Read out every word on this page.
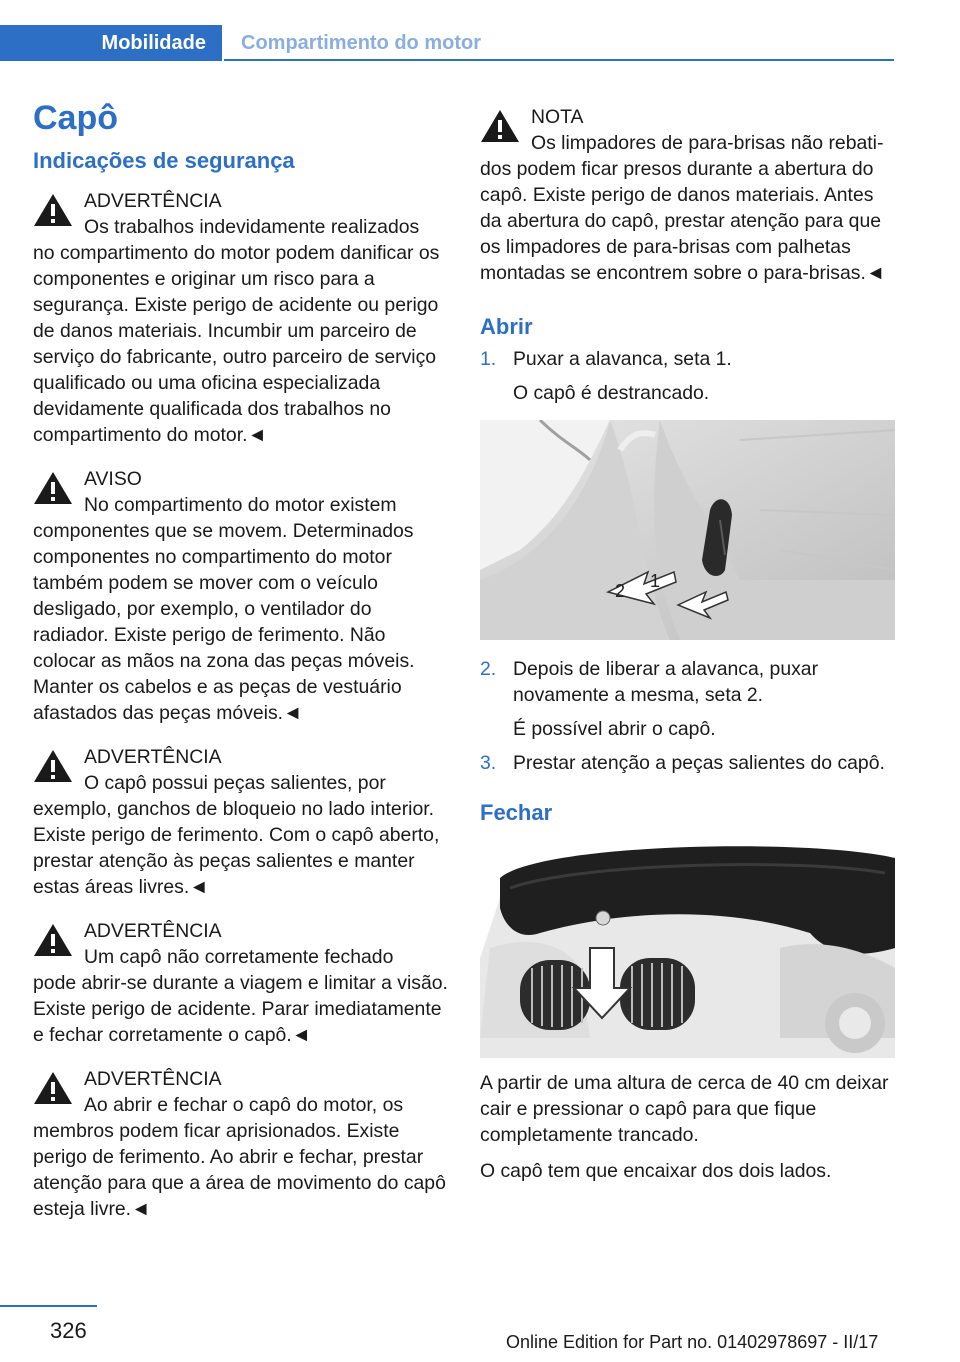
Mobilidade Compartimento do motor
Capô
Indicações de segurança
ADVERTÊNCIA
Os trabalhos indevidamente realizados
no compartimento do motor podem danificar os componentes e originar um risco para a segurança. Existe perigo de acidente ou perigo de danos materiais. Incumbir um parceiro de serviço do fabricante, outro parceiro de serviço qualificado ou uma oficina especializada devidamente qualificada dos trabalhos no compartimento do motor.◄
AVISO
No compartimento do motor existem
componentes que se movem. Determinados componentes no compartimento do motor também podem se mover com o veículo desligado, por exemplo, o ventilador do radiador. Existe perigo de ferimento. Não colocar as mãos na zona das peças móveis. Manter os cabelos e as peças de vestuário afastados das peças móveis.◄
ADVERTÊNCIA
O capô possui peças salientes, por
exemplo, ganchos de bloqueio no lado interior. Existe perigo de ferimento. Com o capô aberto, prestar atenção às peças salientes e manter estas áreas livres.◄
ADVERTÊNCIA
Um capô não corretamente fechado
pode abrir-se durante a viagem e limitar a visão. Existe perigo de acidente. Parar imediatamente e fechar corretamente o capô.◄
ADVERTÊNCIA
Ao abrir e fechar o capô do motor, os
membros podem ficar aprisionados. Existe perigo de ferimento. Ao abrir e fechar, prestar atenção para que a área de movimento do capô esteja livre.◄
NOTA
Os limpadores de para-brisas não rebati-
dos podem ficar presos durante a abertura do capô. Existe perigo de danos materiais. Antes da abertura do capô, prestar atenção para que os limpadores de para-brisas com palhetas montadas se encontrem sobre o para-brisas.◄
Abrir
1. Puxar a alavanca, seta 1.
O capô é destrancado.
1
2
2. Depois de liberar a alavanca, puxar novamente a mesma, seta 2.
É possível abrir o capô.
3. Prestar atenção a peças salientes do capô.
Fechar

A partir de uma altura de cerca de 40 cm deixar cair e pressionar o capô para que fique completamente trancado.

O capô tem que encaixar dos dois lados.

326	Online Edition for Part no. 01402978697 - II/17
